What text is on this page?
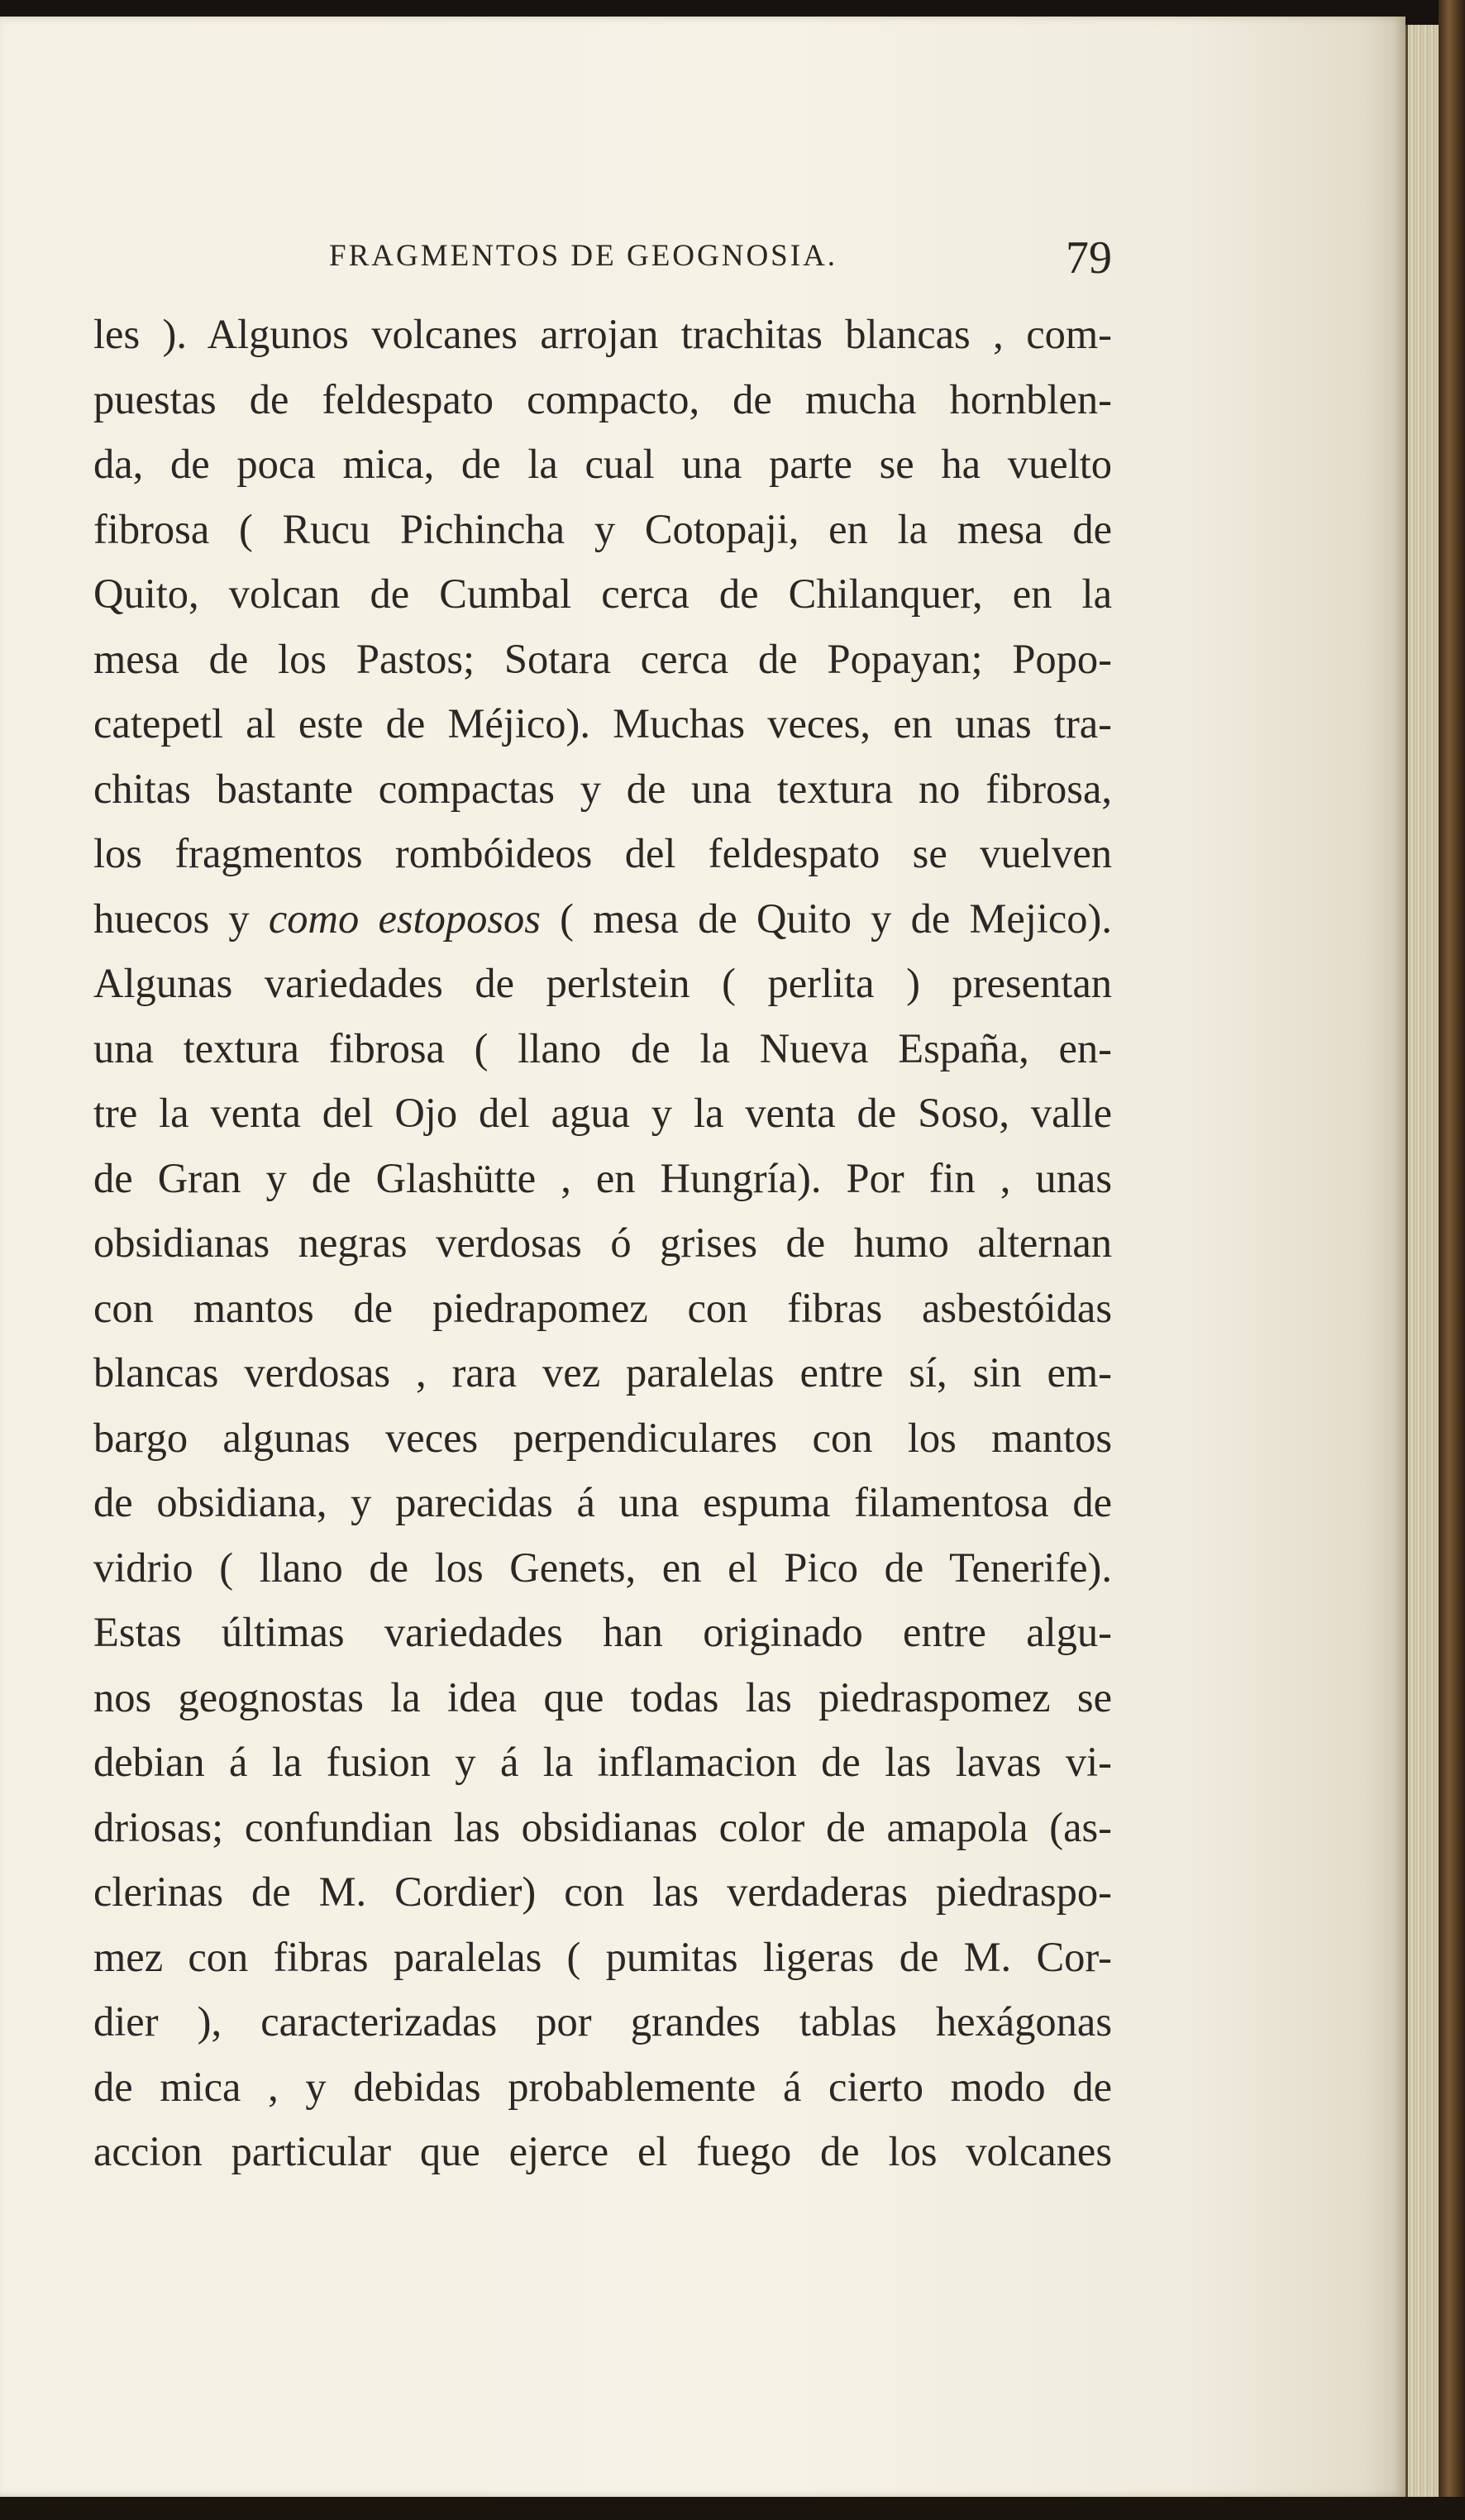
FRAGMENTOS DE GEOGNOSIA.	79
les ). Algunos volcanes arrojan trachitas blancas , com-
puestas de feldespato compacto, de mucha hornblen-
da, de poca mica, de la cual una parte se ha vuelto
fibrosa ( Rucu Pichincha y Cotopaji, en la mesa de
Quito, volcan de Cumbal cerca de Chilanquer, en la
mesa de los Pastos; Sotara cerca de Popayan; Popo-
catepetl al este de Méjico). Muchas veces, en unas tra-
chitas bastante compactas y de una textura no fibrosa,
los fragmentos rombóideos del feldespato se vuelven
huecos y como estoposos ( mesa de Quito y de Mejico).
Algunas variedades de perlstein ( perlita ) presentan
una textura fibrosa ( llano de la Nueva España, en-
tre la venta del Ojo del agua y la venta de Soso, valle
de Gran y de Glashütte , en Hungría). Por fin , unas
obsidianas negras verdosas ó grises de humo alternan
con mantos de piedrapomez con fibras asbestóidas
blancas verdosas , rara vez paralelas entre sí, sin em-
bargo algunas veces perpendiculares con los mantos
de obsidiana, y parecidas á una espuma filamentosa de
vidrio ( llano de los Genets, en el Pico de Tenerife).
Estas últimas variedades han originado entre algu-
nos geognostas la idea que todas las piedraspomez se
debian á la fusion y á la inflamacion de las lavas vi-
driosas; confundian las obsidianas color de amapola (as-
clerinas de M. Cordier) con las verdaderas piedraspo-
mez con fibras paralelas ( pumitas ligeras de M. Cor-
dier ), caracterizadas por grandes tablas hexágonas
de mica , y debidas probablemente á cierto modo de
accion particular que ejerce el fuego de los volcanes
